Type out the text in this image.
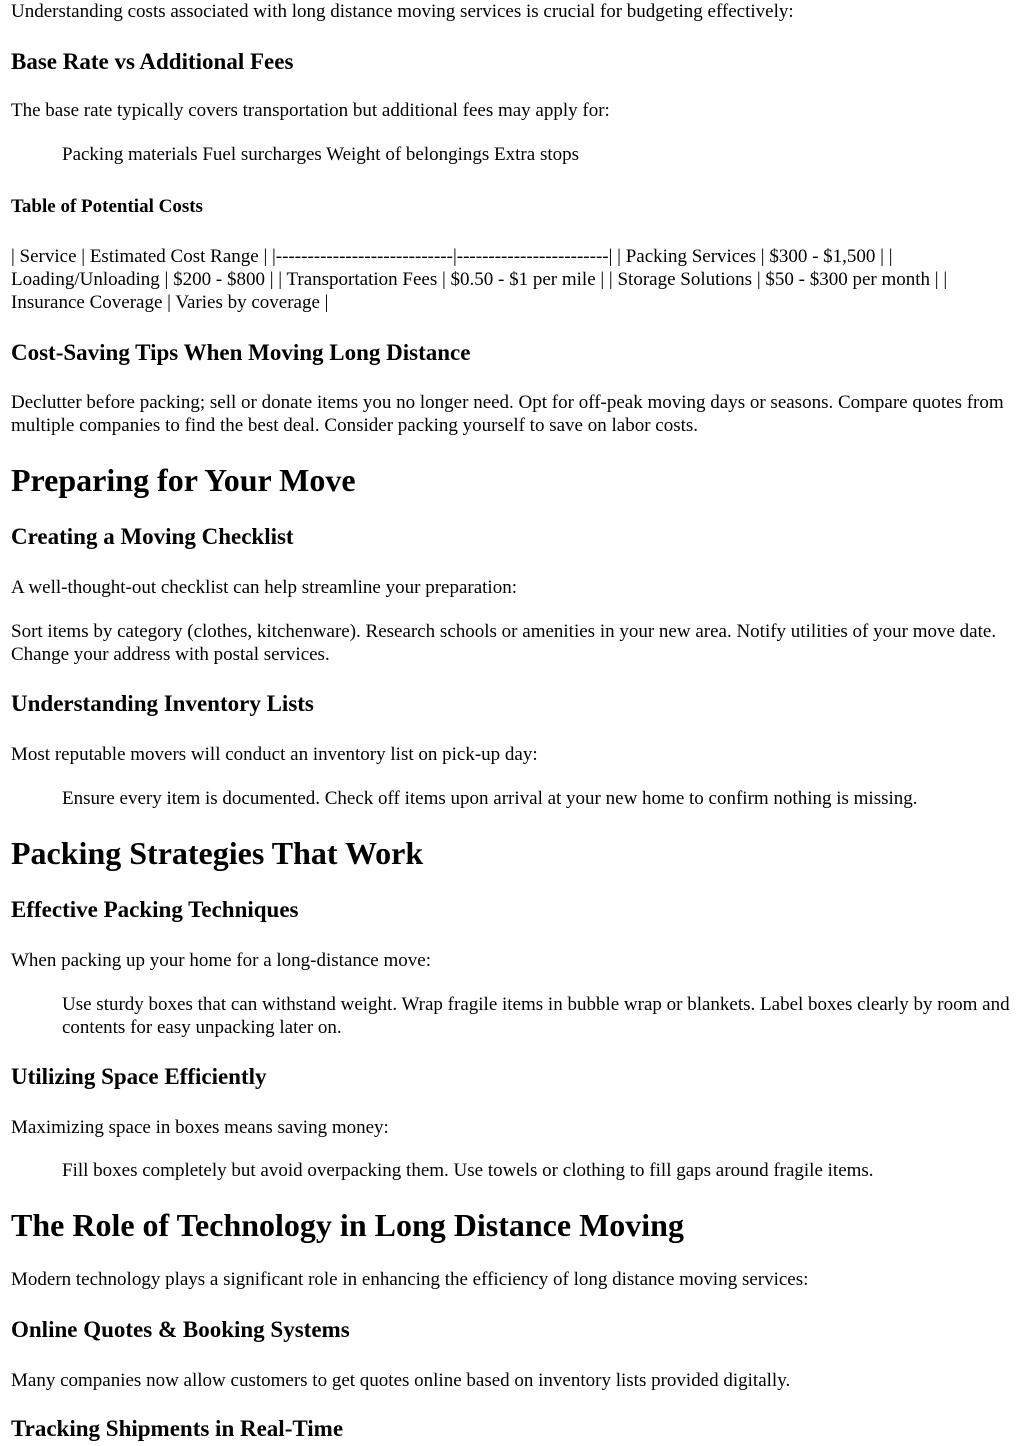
Understanding costs associated with long distance moving services is crucial for budgeting effectively:

Base Rate vs Additional Fees

The base rate typically covers transportation but additional fees may apply for:

Packing materials Fuel surcharges Weight of belongings Extra stops

Table of Potential Costs

| Service | Estimated Cost Range | |----------------------------|------------------------| | Packing Services | $300 - $1,500 | | Loading/Unloading | $200 - $800 | | Transportation Fees | $0.50 - $1 per mile | | Storage Solutions | $50 - $300 per month | | Insurance Coverage | Varies by coverage |

Cost-Saving Tips When Moving Long Distance

Declutter before packing; sell or donate items you no longer need. Opt for off-peak moving days or seasons. Compare quotes from multiple companies to find the best deal. Consider packing yourself to save on labor costs.

Preparing for Your Move
Creating a Moving Checklist

A well-thought-out checklist can help streamline your preparation:

Sort items by category (clothes, kitchenware). Research schools or amenities in your new area. Notify utilities of your move date. Change your address with postal services.

Understanding Inventory Lists

Most reputable movers will conduct an inventory list on pick-up day:

Ensure every item is documented. Check off items upon arrival at your new home to confirm nothing is missing.

Packing Strategies That Work
Effective Packing Techniques

When packing up your home for a long-distance move:

Use sturdy boxes that can withstand weight. Wrap fragile items in bubble wrap or blankets. Label boxes clearly by room and contents for easy unpacking later on.

Utilizing Space Efficiently

Maximizing space in boxes means saving money:

Fill boxes completely but avoid overpacking them. Use towels or clothing to fill gaps around fragile items.

The Role of Technology in Long Distance Moving

Modern technology plays a significant role in enhancing the efficiency of long distance moving services:

Online Quotes & Booking Systems

Many companies now allow customers to get quotes online based on inventory lists provided digitally.

Tracking Shipments in Real-Time
